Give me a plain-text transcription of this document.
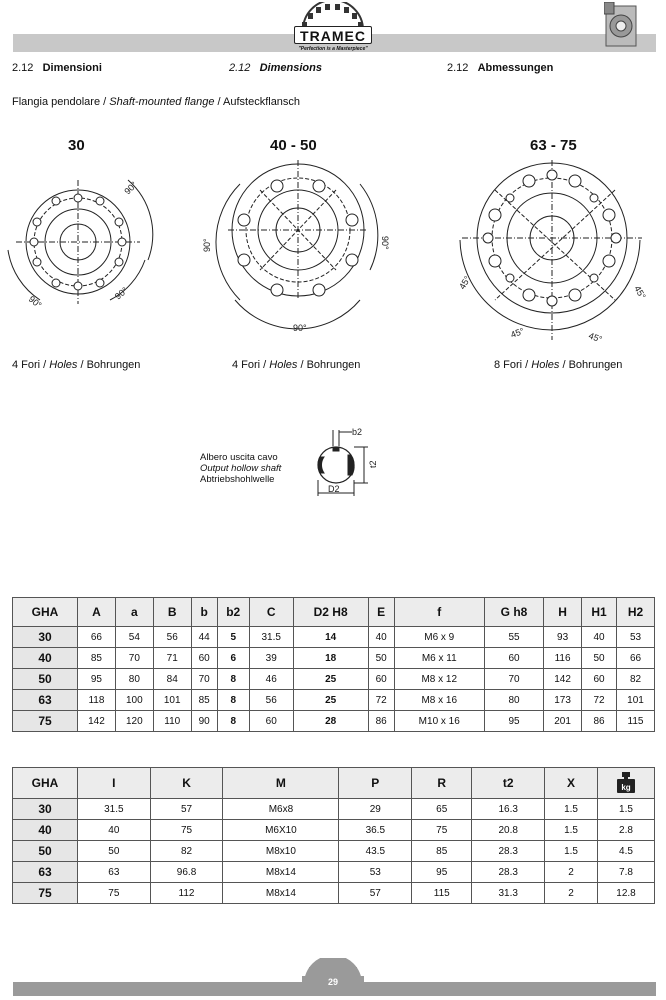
TRAMEC
"Perfection is a Masterpiece"
2.12 Dimensioni	2.12 Dimensions	2.12 Abmessungen
Flangia pendolare / Shaft-mounted flange / Aufsteckflansch
30	40 - 50	63 - 75
90°
90°
90°
90°	90°
90°
45°
45°	45°
45°
4 Fori / Holes / Bohrungen	4 Fori / Holes / Bohrungen	8 Fori / Holes / Bohrungen
Albero uscita cavo
Output hollow shaft
Abtriebshohlwelle
b2
t2
D2
GHA	A	a	B	b	b2	C	D2 H8	E	f	G h8	H	H1	H2
30	66	54	56	44	5	31.5	14	40	M6 x 9	55	93	40	53
40	85	70	71	60	6	39	18	50	M6 x 11	60	116	50	66
50	95	80	84	70	8	46	25	60	M8 x 12	70	142	60	82
63	118	100	101	85	8	56	25	72	M8 x 16	80	173	72	101
75	142	120	110	90	8	60	28	86	M10 x 16	95	201	86	115
GHA	I	K	M	P	R	t2	X	kg

30	31.5	57	M6x8	29	65	16.3	1.5	1.5
40	40	75	M6X10	36.5	75	20.8	1.5	2.8
50	50	82	M8x10	43.5	85	28.3	1.5	4.5
63	63	96.8	M8x14	53	95	28.3	2	7.8
75	75	112	M8x14	57	115	31.3	2	12.8
29
